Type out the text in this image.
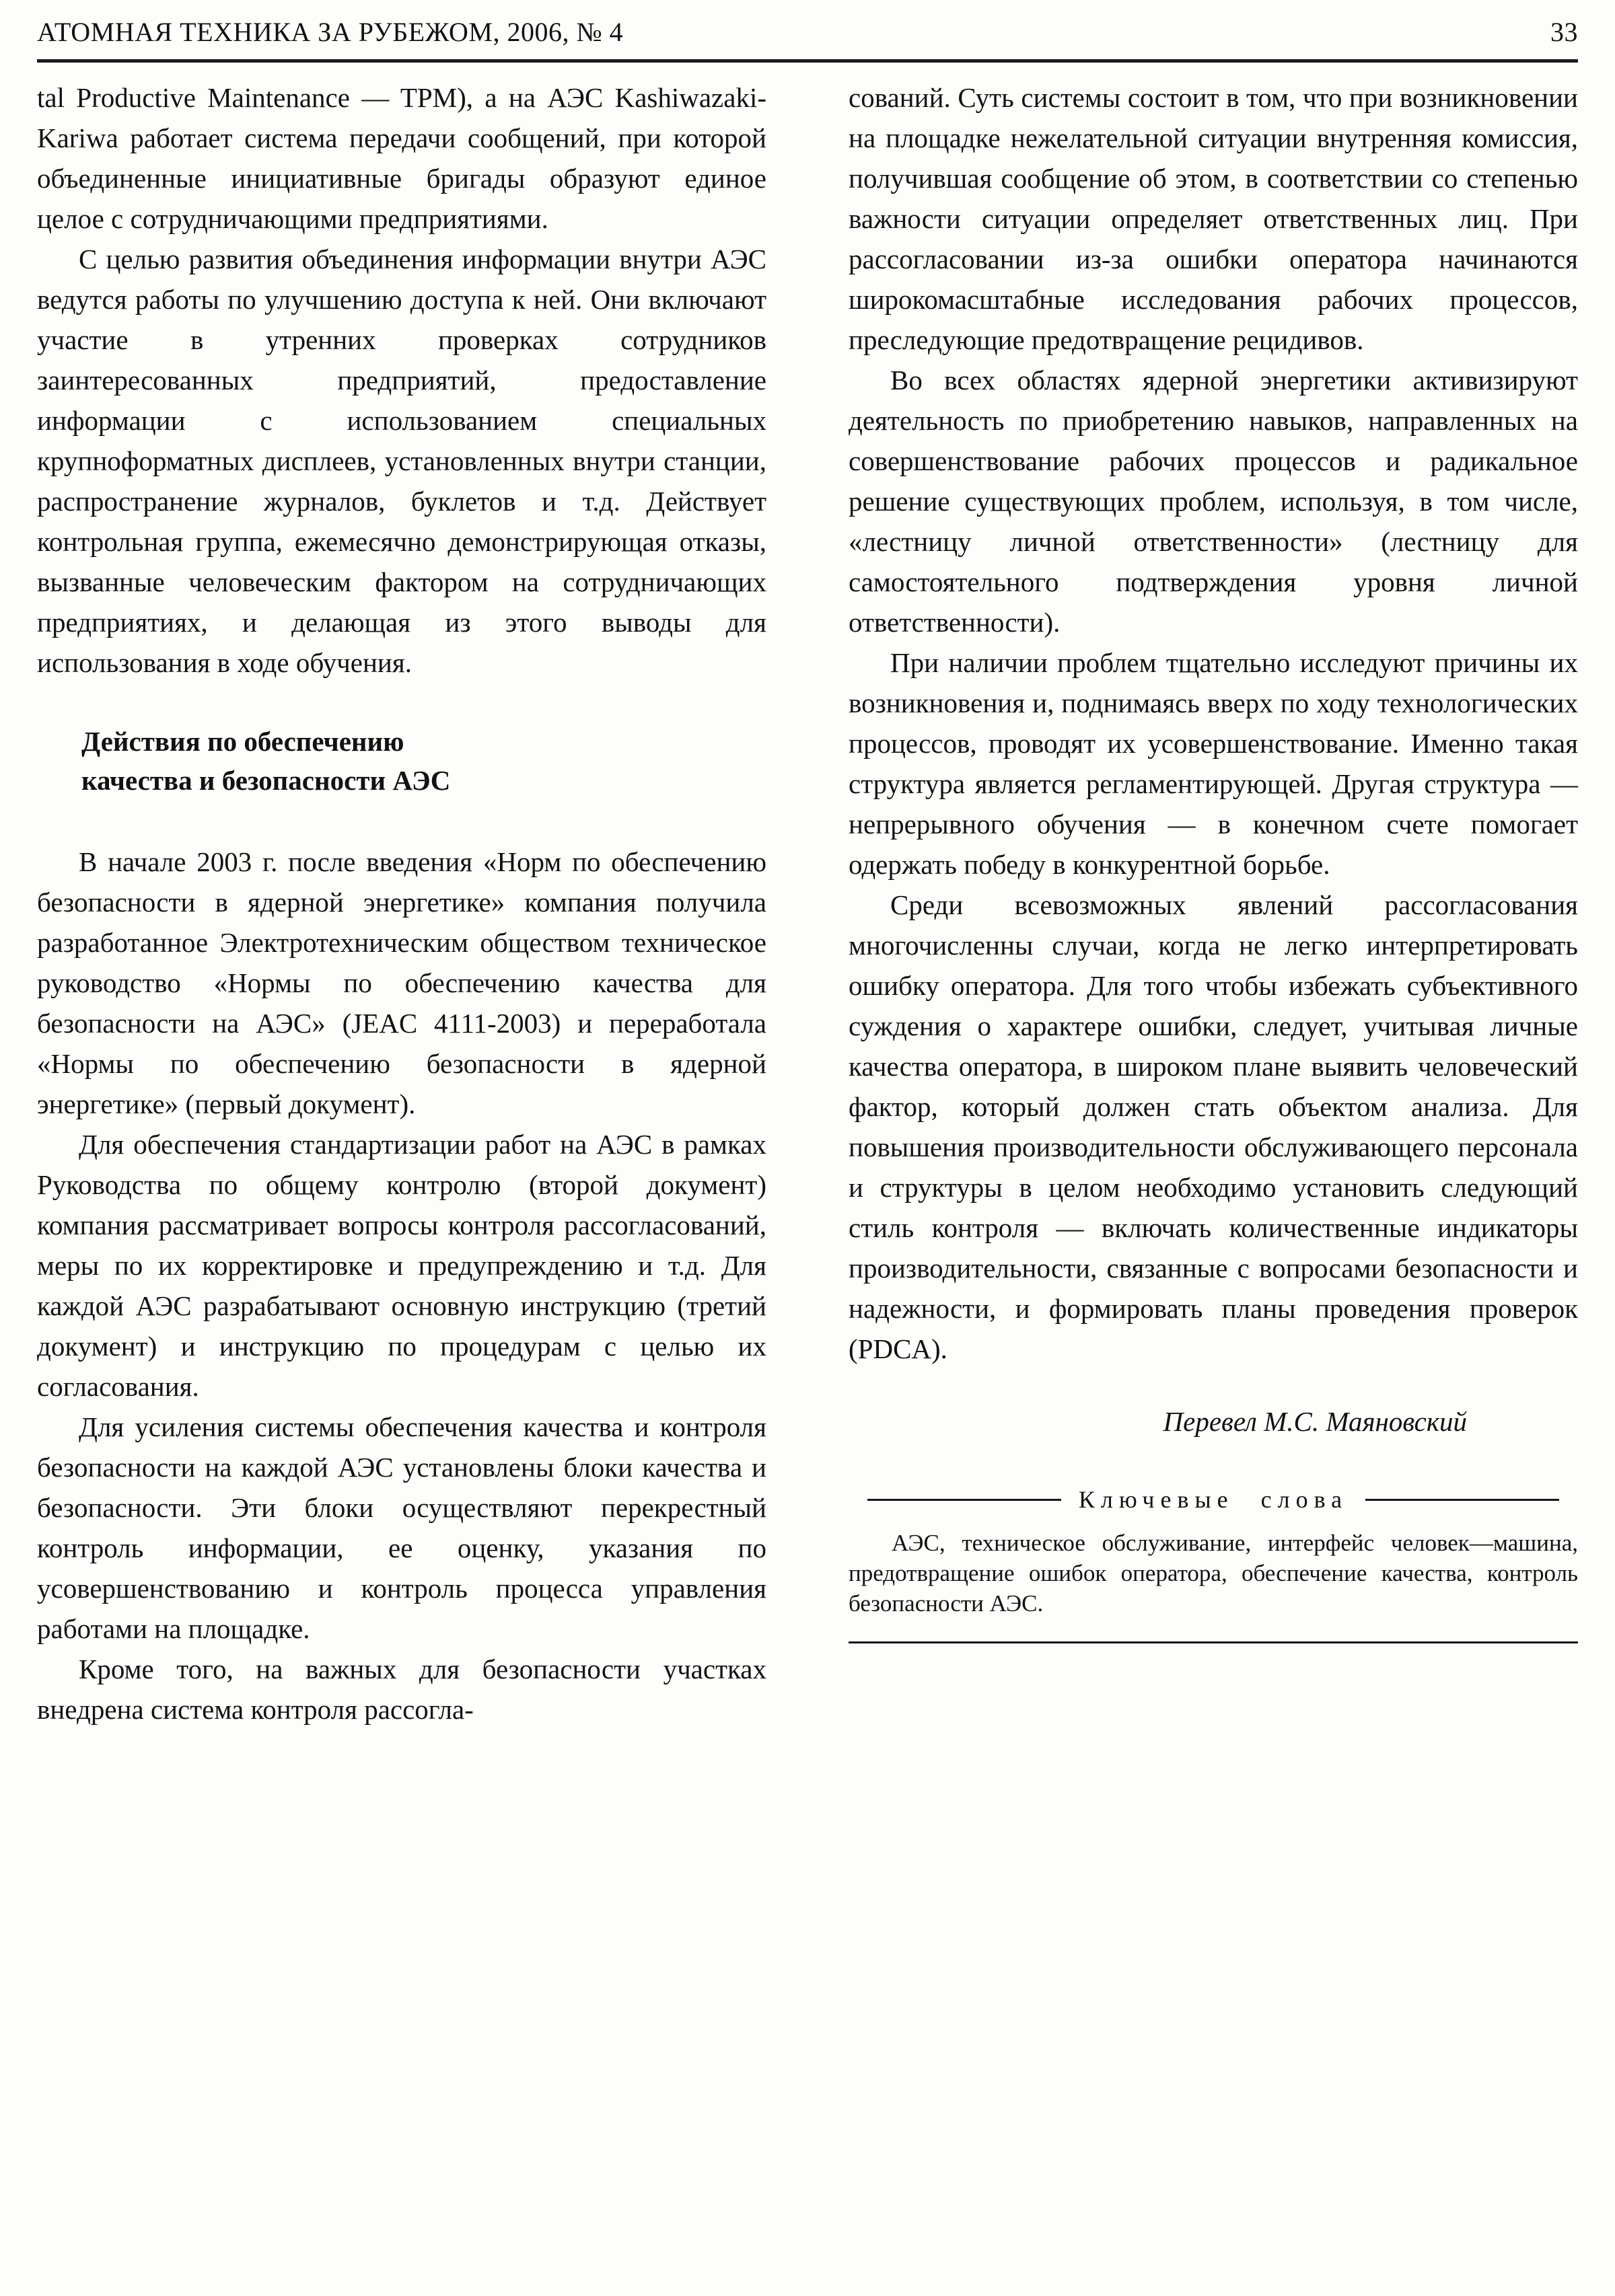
АТОМНАЯ ТЕХНИКА ЗА РУБЕЖОМ, 2006, № 4	33

tal Productive Maintenance — TPM), а на АЭС Kashiwazaki-Kariwa работает система передачи сообщений, при которой объединенные инициативные бригады образуют единое целое с сотрудничающими предприятиями.

С целью развития объединения информации внутри АЭС ведутся работы по улучшению доступа к ней. Они включают участие в утренних проверках сотрудников заинтересованных предприятий, предоставление информации с использованием специальных крупноформатных дисплеев, установленных внутри станции, распространение журналов, буклетов и т.д. Действует контрольная группа, ежемесячно демонстрирующая отказы, вызванные человеческим фактором на сотрудничающих предприятиях, и делающая из этого выводы для использования в ходе обучения.

Действия по обеспечению
качества и безопасности АЭС

В начале 2003 г. после введения «Норм по обеспечению безопасности в ядерной энергетике» компания получила разработанное Электротехническим обществом техническое руководство «Нормы по обеспечению качества для безопасности на АЭС» (JEAC 4111-2003) и переработала «Нормы по обеспечению безопасности в ядерной энергетике» (первый документ).

Для обеспечения стандартизации работ на АЭС в рамках Руководства по общему контролю (второй документ) компания рассматривает вопросы контроля рассогласований, меры по их корректировке и предупреждению и т.д. Для каждой АЭС разрабатывают основную инструкцию (третий документ) и инструкцию по процедурам с целью их согласования.

Для усиления системы обеспечения качества и контроля безопасности на каждой АЭС установлены блоки качества и безопасности. Эти блоки осуществляют перекрестный контроль информации, ее оценку, указания по усовершенствованию и контроль процесса управления работами на площадке.

Кроме того, на важных для безопасности участках внедрена система контроля рассогла-

сований. Суть системы состоит в том, что при возникновении на площадке нежелательной ситуации внутренняя комиссия, получившая сообщение об этом, в соответствии со степенью важности ситуации определяет ответственных лиц. При рассогласовании из-за ошибки оператора начинаются широкомасштабные исследования рабочих процессов, преследующие предотвращение рецидивов.

Во всех областях ядерной энергетики активизируют деятельность по приобретению навыков, направленных на совершенствование рабочих процессов и радикальное решение существующих проблем, используя, в том числе, «лестницу личной ответственности» (лестницу для самостоятельного подтверждения уровня личной ответственности).

При наличии проблем тщательно исследуют причины их возникновения и, поднимаясь вверх по ходу технологических процессов, проводят их усовершенствование. Именно такая структура является регламентирующей. Другая структура — непрерывного обучения — в конечном счете помогает одержать победу в конкурентной борьбе.

Среди всевозможных явлений рассогласования многочисленны случаи, когда не легко интерпретировать ошибку оператора. Для того чтобы избежать субъективного суждения о характере ошибки, следует, учитывая личные качества оператора, в широком плане выявить человеческий фактор, который должен стать объектом анализа. Для повышения производительности обслуживающего персонала и структуры в целом необходимо установить следующий стиль контроля — включать количественные индикаторы производительности, связанные с вопросами безопасности и надежности, и формировать планы проведения проверок (PDCA).

Перевел М.С. Маяновский

Ключевые слова

АЭС, техническое обслуживание, интерфейс человек—машина, предотвращение ошибок оператора, обеспечение качества, контроль безопасности АЭС.
